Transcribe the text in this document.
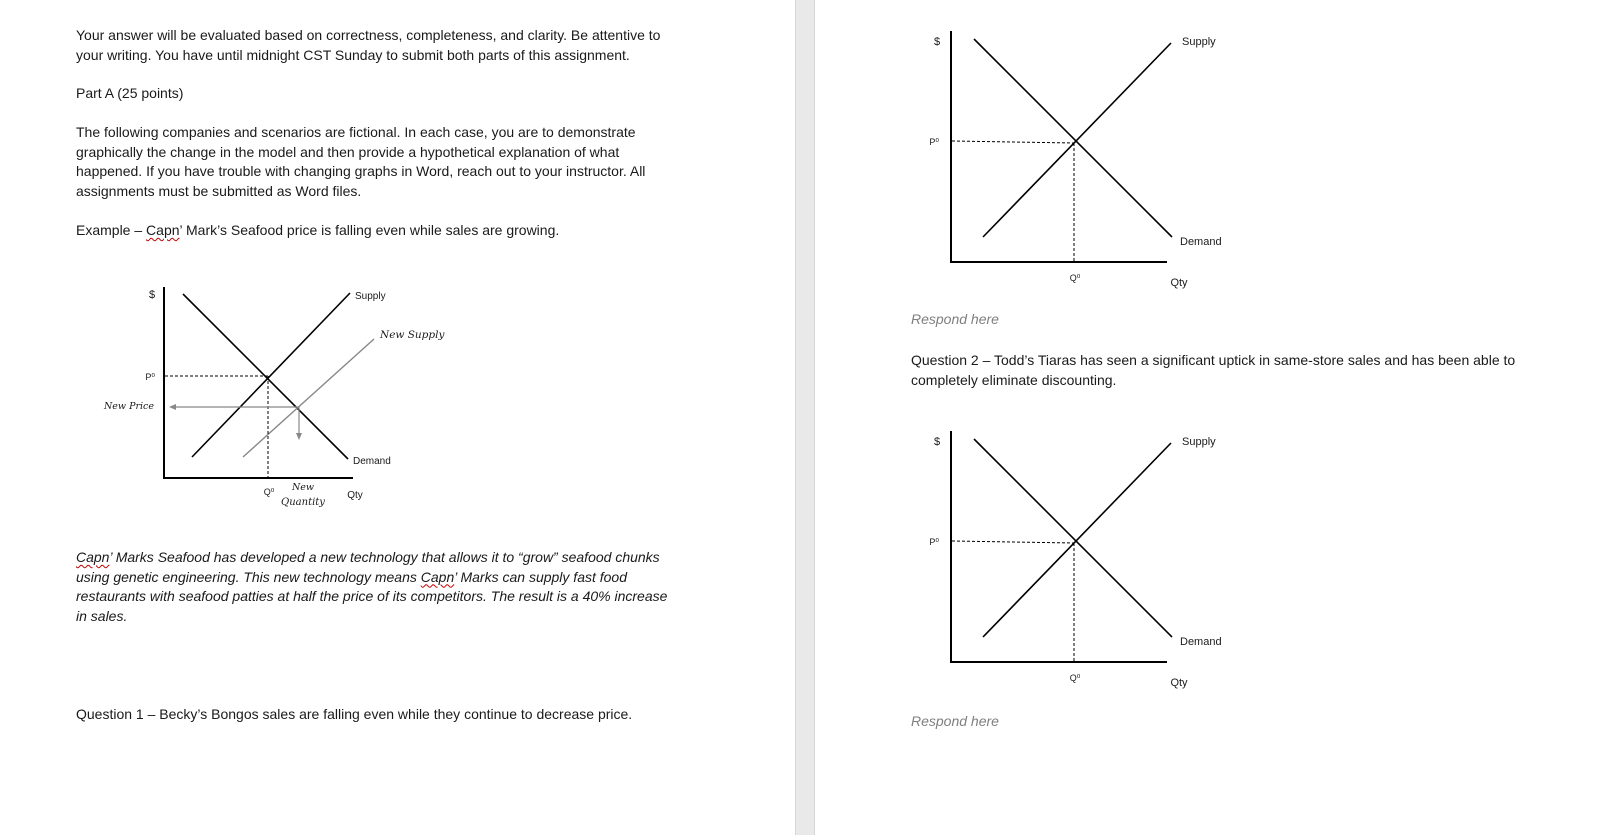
Your answer will be evaluated based on correctness, completeness, and clarity. Be attentive to
your writing. You have until midnight CST Sunday to submit both parts of this assignment.
Part A (25 points)
The following companies and scenarios are fictional. In each case, you are to demonstrate
graphically the change in the model and then provide a hypothetical explanation of what
happened. If you have trouble with changing graphs in Word, reach out to your instructor. All
assignments must be submitted as Word files.
Example – Capn’ Mark’s Seafood price is falling even while sales are growing.
$
P⁰
New Price
Supply
New Supply
Demand
Q⁰ New
Quantity
Qty
Capn’ Marks Seafood has developed a new technology that allows it to “grow” seafood chunks
using genetic engineering. This new technology means Capn’ Marks can supply fast food
restaurants with seafood patties at half the price of its competitors. The result is a 40% increase
in sales.
Question 1 – Becky’s Bongos sales are falling even while they continue to decrease price.
$
P⁰
Supply
Demand
Q⁰	Qty
Respond here
Question 2 – Todd’s Tiaras has seen a significant uptick in same-store sales and has been able to
completely eliminate discounting.
$
P⁰
Supply
Demand
Q⁰	Qty
Respond here
